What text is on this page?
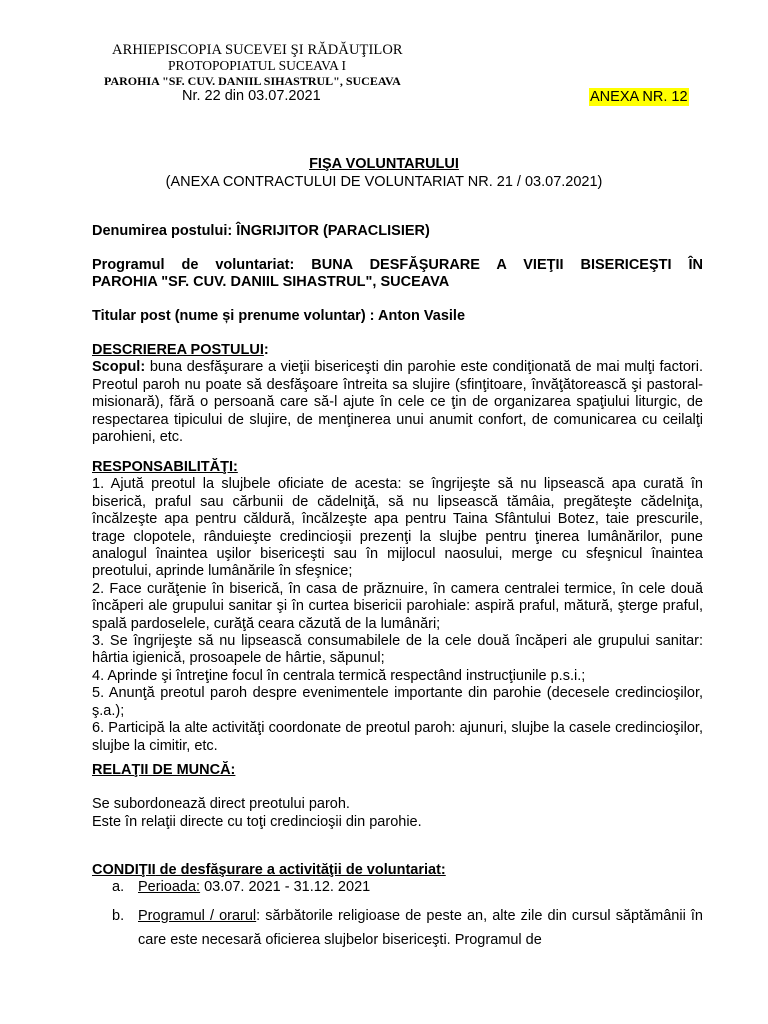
ARHIEPISCOPIA SUCEVEI ŞI RĂDĂUŢILOR
PROTOPOPIATUL SUCEAVA I
PAROHIA "SF. CUV. DANIIL SIHASTRUL", SUCEAVA
Nr. 22 din 03.07.2021	ANEXA NR. 12
FIŞA VOLUNTARULUI
(ANEXA CONTRACTULUI DE VOLUNTARIAT NR. 21 / 03.07.2021)
Denumirea postului: ÎNGRIJITOR (PARACLISIER)

Programul de voluntariat: BUNA DESFĂŞURARE A VIEŢII BISERICEŞTI ÎN

PAROHIA "SF. CUV. DANIIL SIHASTRUL", SUCEAVA

Titular post (nume și prenume voluntar) : Anton Vasile

DESCRIEREA POSTULUI:

Scopul: buna desfăşurare a vieţii bisericeşti din parohie este condiţionată de mai mulţi factori. Preotul paroh nu poate să desfăşoare întreita sa slujire (sfinţitoare, învăţătorească şi pastoral-misionară), fără o persoană care să-l ajute în cele ce ţin de organizarea spaţiului liturgic, de respectarea tipicului de slujire, de menţinerea unui anumit confort, de comunicarea cu ceilalţi parohieni, etc.

RESPONSABILITĂŢI:

1. Ajută preotul la slujbele oficiate de acesta: se îngrijeşte să nu lipsească apa curată în biserică, praful sau cărbunii de cădelniţă, să nu lipsească tămâia, pregăteşte cădelniţa, încălzeşte apa pentru căldură, încălzeşte apa pentru Taina Sfântului Botez, taie prescurile, trage clopotele, rânduieşte credincioşii prezenţi la slujbe pentru ţinerea lumânărilor, pune analogul înaintea uşilor bisericeşti sau în mijlocul naosului, merge cu sfeşnicul înaintea preotului, aprinde lumânările în sfeşnice;

2. Face curăţenie în biserică, în casa de prăznuire, în camera centralei termice, în cele două încăperi ale grupului sanitar şi în curtea bisericii parohiale: aspiră praful, mătură, şterge praful, spală pardoselele, curăţă ceara căzută de la lumânări;

3. Se îngrijeşte să nu lipsească consumabilele de la cele două încăperi ale grupului sanitar: hârtia igienică, prosoapele de hârtie, săpunul;

4. Aprinde şi întreţine focul în centrala termică respectând instrucţiunile p.s.i.;

5. Anunţă preotul paroh despre evenimentele importante din parohie (decesele credincioşilor, ş.a.);

6. Participă la alte activităţi coordonate de preotul paroh: ajunuri, slujbe la casele credincioşilor, slujbe la cimitir, etc.

RELAŢII DE MUNCĂ:

Se subordonează direct preotului paroh.

Este în relaţii directe cu toţi credincioşii din parohie.

CONDIŢII de desfăşurare a activităţii de voluntariat:

a. Perioada: 03.07. 2021 - 31.12. 2021
b. Programul / orarul: sărbătorile religioase de peste an, alte zile din cursul săptămânii în care este necesară oficierea slujbelor bisericeşti. Programul de
